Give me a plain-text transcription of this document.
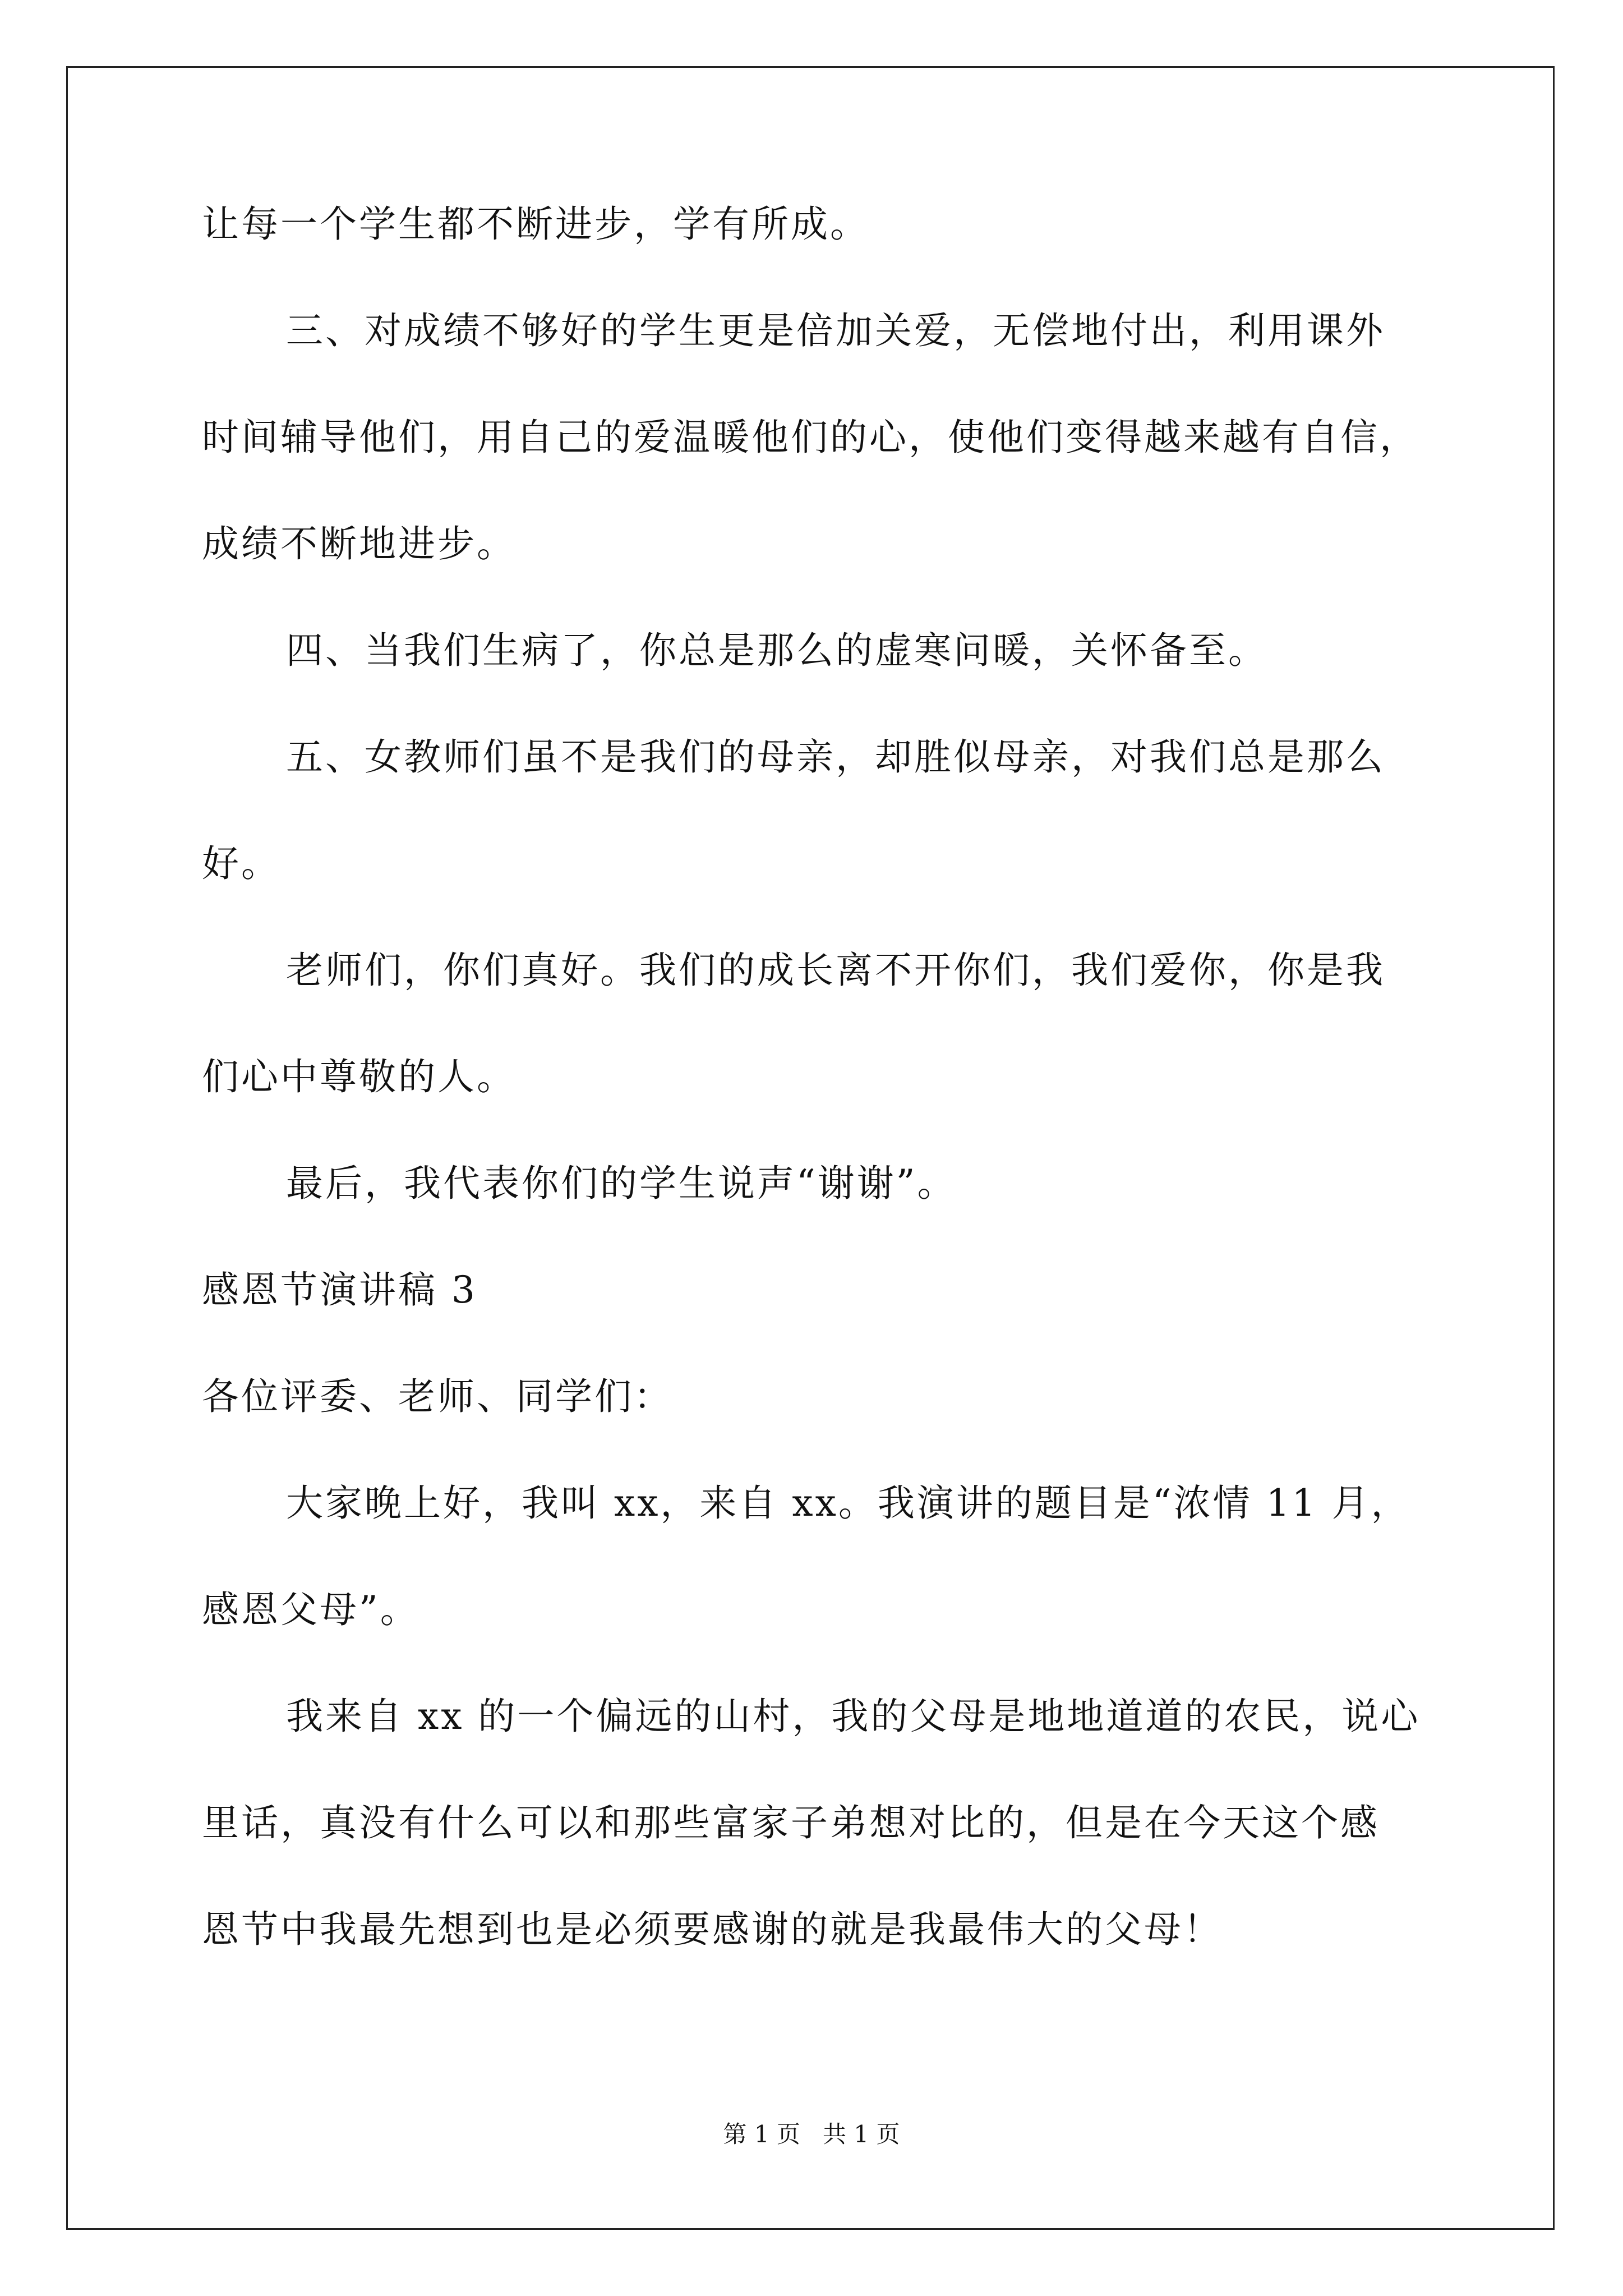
让每一个学生都不断进步，学有所成。
三、对成绩不够好的学生更是倍加关爱，无偿地付出，利用课外
时间辅导他们，用自己的爱温暖他们的心，使他们变得越来越有自信，
成绩不断地进步。
四、当我们生病了，你总是那么的虚寒问暖，关怀备至。
五、女教师们虽不是我们的母亲，却胜似母亲，对我们总是那么
好。
老师们，你们真好。我们的成长离不开你们，我们爱你，你是我
们心中尊敬的人。
最后，我代表你们的学生说声“谢谢”。
感恩节演讲稿 3
各位评委、老师、同学们：
大家晚上好，我叫 xx，来自 xx。我演讲的题目是“浓情 11 月，
感恩父母”。
我来自 xx 的一个偏远的山村，我的父母是地地道道的农民，说心
里话，真没有什么可以和那些富家子弟想对比的，但是在今天这个感
恩节中我最先想到也是必须要感谢的就是我最伟大的父母！
第 1 页   共 1 页
